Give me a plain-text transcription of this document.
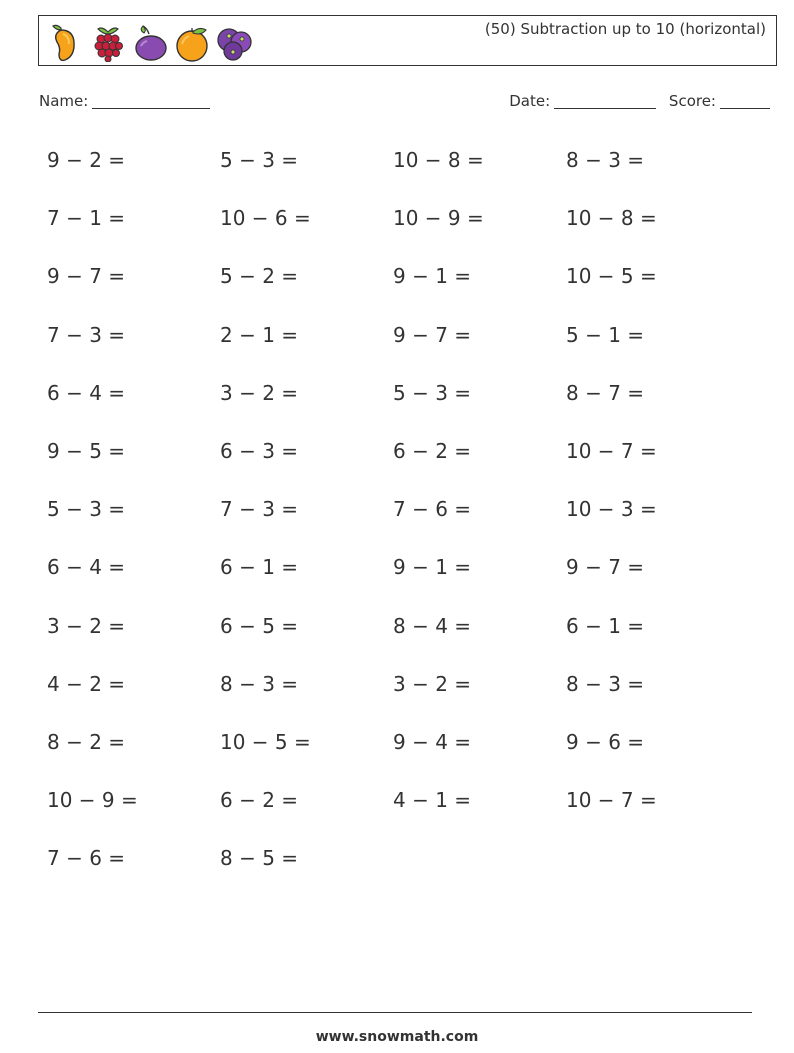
(50) Subtraction up to 10 (horizontal)
Name:	Date:	Score:
9 − 2 =	5 − 3 =	10 − 8 =	8 − 3 =
7 − 1 =	10 − 6 =	10 − 9 =	10 − 8 =
9 − 7 =	5 − 2 =	9 − 1 =	10 − 5 =
7 − 3 =	2 − 1 =	9 − 7 =	5 − 1 =
6 − 4 =	3 − 2 =	5 − 3 =	8 − 7 =
9 − 5 =	6 − 3 =	6 − 2 =	10 − 7 =
5 − 3 =	7 − 3 =	7 − 6 =	10 − 3 =
6 − 4 =	6 − 1 =	9 − 1 =	9 − 7 =
3 − 2 =	6 − 5 =	8 − 4 =	6 − 1 =
4 − 2 =	8 − 3 =	3 − 2 =	8 − 3 =
8 − 2 =	10 − 5 =	9 − 4 =	9 − 6 =
10 − 9 =	6 − 2 =	4 − 1 =	10 − 7 =
7 − 6 =	8 − 5 =
www.snowmath.com
